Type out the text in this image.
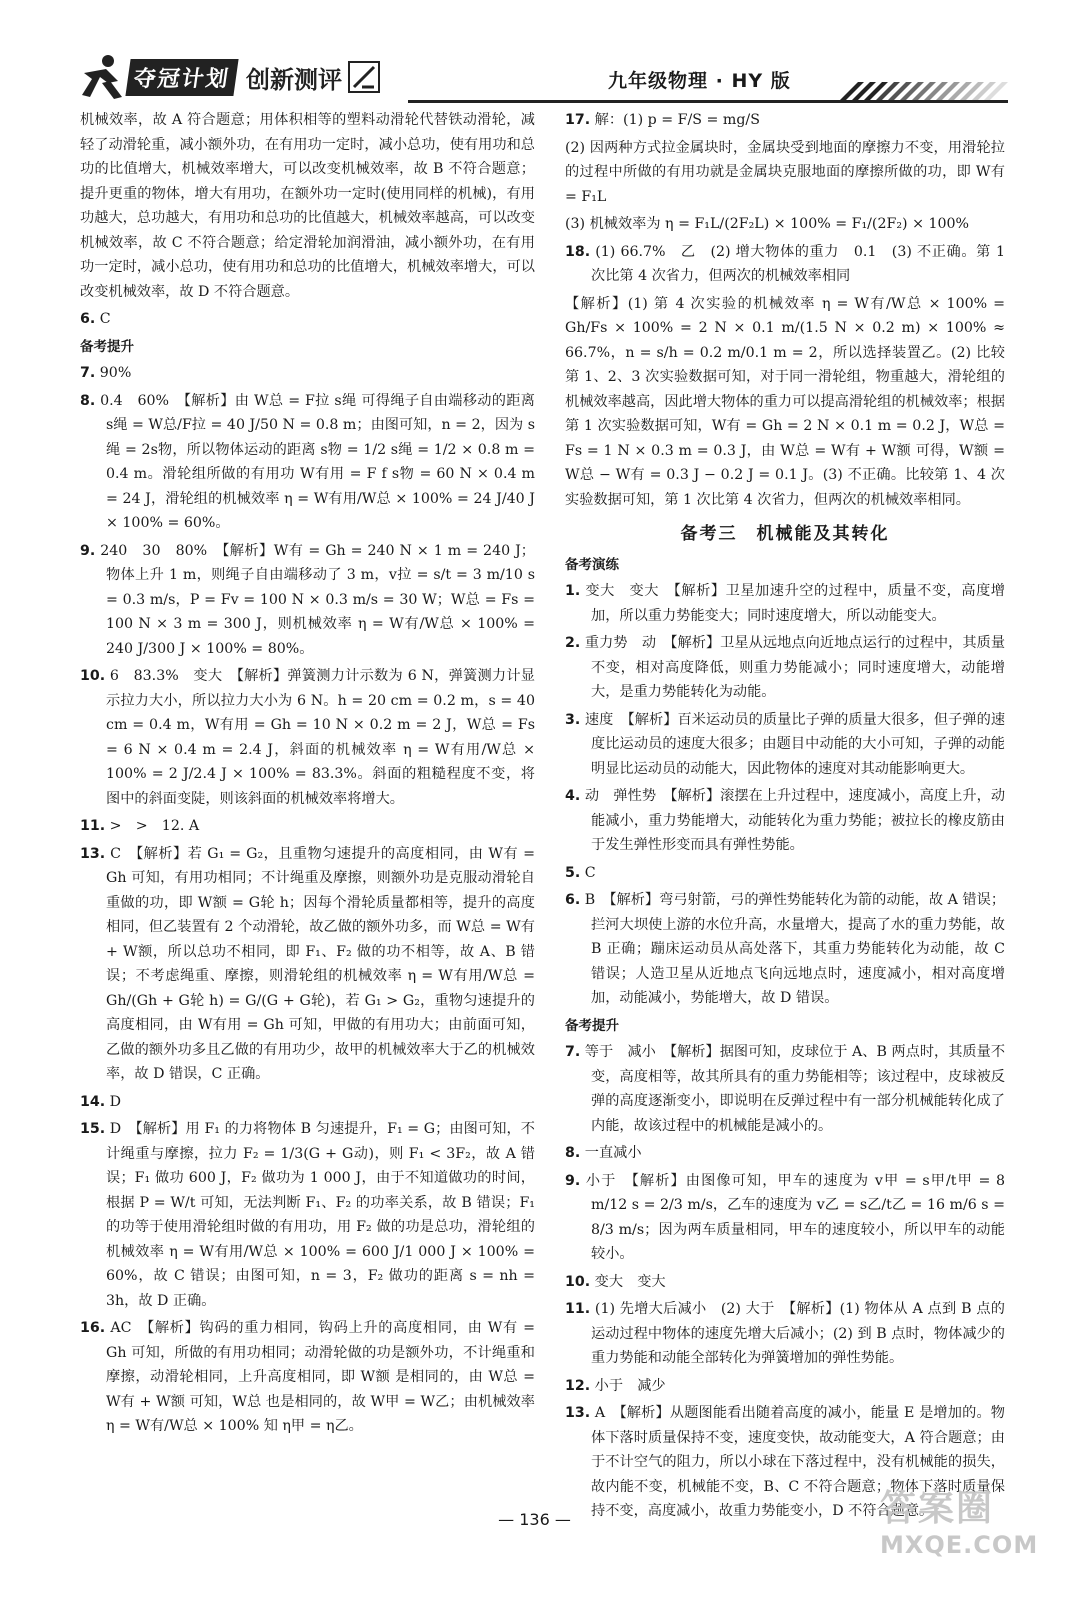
夺冠计划 创新测评	九年级物理 · HY 版
机械效率，故 A 符合题意；用体积相等的塑料动滑轮代替铁动滑轮，减轻了动滑轮重，减小额外功，在有用功一定时，减小总功，使有用功和总功的比值增大，机械效率增大，可以改变机械效率，故 B 不符合题意；提升更重的物体，增大有用功，在额外功一定时(使用同样的机械)，有用功越大，总功越大，有用功和总功的比值越大，机械效率越高，可以改变机械效率，故 C 不符合题意；给定滑轮加润滑油，减小额外功，在有用功一定时，减小总功，使有用功和总功的比值增大，机械效率增大，可以改变机械效率，故 D 不符合题意。
6. C
备考提升
7. 90%
8. 0.4　60%　【解析】由 W总 = F拉 s绳 可得绳子自由端移动的距离 s绳 = W总/F拉 = 40 J/50 N = 0.8 m；由图可知，n = 2，因为 s绳 = 2s物，所以物体运动的距离 s物 = 1/2 s绳 = 1/2 × 0.8 m = 0.4 m。滑轮组所做的有用功 W有用 = F f s物 = 60 N × 0.4 m = 24 J，滑轮组的机械效率 η = W有用/W总 × 100% = 24 J/40 J × 100% = 60%。
9. 240　30　80%　【解析】W有 = Gh = 240 N × 1 m = 240 J；物体上升 1 m，则绳子自由端移动了 3 m，v拉 = s/t = 3 m/10 s = 0.3 m/s，P = Fv = 100 N × 0.3 m/s = 30 W；W总 = Fs = 100 N × 3 m = 300 J，则机械效率 η = W有/W总 × 100% = 240 J/300 J × 100% = 80%。
10. 6　83.3%　变大　【解析】弹簧测力计示数为 6 N，弹簧测力计显示拉力大小，所以拉力大小为 6 N。h = 20 cm = 0.2 m，s = 40 cm = 0.4 m，W有用 = Gh = 10 N × 0.2 m = 2 J，W总 = Fs = 6 N × 0.4 m = 2.4 J，斜面的机械效率 η = W有用/W总 × 100% = 2 J/2.4 J × 100% = 83.3%。斜面的粗糙程度不变，将图中的斜面变陡，则该斜面的机械效率将增大。
11. >　>　12. A
13. C　【解析】若 G₁ = G₂，且重物匀速提升的高度相同，由 W有 = Gh 可知，有用功相同；不计绳重及摩擦，则额外功是克服动滑轮自重做的功，即 W额 = G轮 h；因每个滑轮质量都相等，提升的高度相同，但乙装置有 2 个动滑轮，故乙做的额外功多，而 W总 = W有 + W额，所以总功不相同，即 F₁、F₂ 做的功不相等，故 A、B 错误；不考虑绳重、摩擦，则滑轮组的机械效率 η = W有用/W总 = Gh/(Gh + G轮 h) = G/(G + G轮)，若 G₁ > G₂，重物匀速提升的高度相同，由 W有用 = Gh 可知，甲做的有用功大；由前面可知，乙做的额外功多且乙做的有用功少，故甲的机械效率大于乙的机械效率，故 D 错误，C 正确。
14. D
15. D　【解析】用 F₁ 的力将物体 B 匀速提升，F₁ = G；由图可知，不计绳重与摩擦，拉力 F₂ = 1/3(G + G动)，则 F₁ < 3F₂，故 A 错误；F₁ 做功 600 J，F₂ 做功为 1 000 J，由于不知道做功的时间，根据 P = W/t 可知，无法判断 F₁、F₂ 的功率关系，故 B 错误；F₁ 的功等于使用滑轮组时做的有用功，用 F₂ 做的功是总功，滑轮组的机械效率 η = W有用/W总 × 100% = 600 J/1 000 J × 100% = 60%，故 C 错误；由图可知，n = 3，F₂ 做功的距离 s = nh = 3h，故 D 正确。
16. AC　【解析】钩码的重力相同，钩码上升的高度相同，由 W有 = Gh 可知，所做的有用功相同；动滑轮做的功是额外功，不计绳重和摩擦，动滑轮相同，上升高度相同，即 W额 是相同的，由 W总 = W有 + W额 可知，W总 也是相同的，故 W甲 = W乙；由机械效率 η = W有/W总 × 100% 知 η甲 = η乙。
17. 解：(1) p = F/S = mg/S
(2) 因两种方式拉金属块时，金属块受到地面的摩擦力不变，用滑轮拉的过程中所做的有用功就是金属块克服地面的摩擦所做的功，即 W有 = F₁L
(3) 机械效率为 η = F₁L/(2F₂L) × 100% = F₁/(2F₂) × 100%
18. (1) 66.7%　乙　(2) 增大物体的重力　0.1　(3) 不正确。第 1 次比第 4 次省力，但两次的机械效率相同
【解析】(1) 第 4 次实验的机械效率 η = W有/W总 × 100% = Gh/Fs × 100% = 2 N × 0.1 m/(1.5 N × 0.2 m) × 100% ≈ 66.7%，n = s/h = 0.2 m/0.1 m = 2，所以选择装置乙。(2) 比较第 1、2、3 次实验数据可知，对于同一滑轮组，物重越大，滑轮组的机械效率越高，因此增大物体的重力可以提高滑轮组的机械效率；根据第 1 次实验数据可知，W有 = Gh = 2 N × 0.1 m = 0.2 J，W总 = Fs = 1 N × 0.3 m = 0.3 J，由 W总 = W有 + W额 可得，W额 = W总 − W有 = 0.3 J − 0.2 J = 0.1 J。(3) 不正确。比较第 1、4 次实验数据可知，第 1 次比第 4 次省力，但两次的机械效率相同。
备考三　机械能及其转化
备考演练
1. 变大　变大　【解析】卫星加速升空的过程中，质量不变，高度增加，所以重力势能变大；同时速度增大，所以动能变大。
2. 重力势　动　【解析】卫星从远地点向近地点运行的过程中，其质量不变，相对高度降低，则重力势能减小；同时速度增大，动能增大，是重力势能转化为动能。
3. 速度　【解析】百米运动员的质量比子弹的质量大很多，但子弹的速度比运动员的速度大很多；由题目中动能的大小可知，子弹的动能明显比运动员的动能大，因此物体的速度对其动能影响更大。
4. 动　弹性势　【解析】滚摆在上升过程中，速度减小，高度上升，动能减小，重力势能增大，动能转化为重力势能；被拉长的橡皮筋由于发生弹性形变而具有弹性势能。
5. C
6. B　【解析】弯弓射箭，弓的弹性势能转化为箭的动能，故 A 错误；拦河大坝使上游的水位升高，水量增大，提高了水的重力势能，故 B 正确；蹦床运动员从高处落下，其重力势能转化为动能，故 C 错误；人造卫星从近地点飞向远地点时，速度减小，相对高度增加，动能减小，势能增大，故 D 错误。
备考提升
7. 等于　减小　【解析】据图可知，皮球位于 A、B 两点时，其质量不变，高度相等，故其所具有的重力势能相等；该过程中，皮球被反弹的高度逐渐变小，即说明在反弹过程中有一部分机械能转化成了内能，故该过程中的机械能是减小的。
8. 一直减小
9. 小于　【解析】由图像可知，甲车的速度为 v甲 = s甲/t甲 = 8 m/12 s = 2/3 m/s，乙车的速度为 v乙 = s乙/t乙 = 16 m/6 s = 8/3 m/s；因为两车质量相同，甲车的速度较小，所以甲车的动能较小。
10. 变大　变大
11. (1) 先增大后减小　(2) 大于　【解析】(1) 物体从 A 点到 B 点的运动过程中物体的速度先增大后减小；(2) 到 B 点时，物体减少的重力势能和动能全部转化为弹簧增加的弹性势能。
12. 小于　减少
13. A　【解析】从题图能看出随着高度的减小，能量 E 是增加的。物体下落时质量保持不变，速度变快，故动能变大，A 符合题意；由于不计空气的阻力，所以小球在下落过程中，没有机械能的损失，故内能不变，机械能不变，B、C 不符合题意；物体下落时质量保持不变，高度减小，故重力势能变小，D 不符合题意。
— 136 —	答案圈
MXQE.COM
